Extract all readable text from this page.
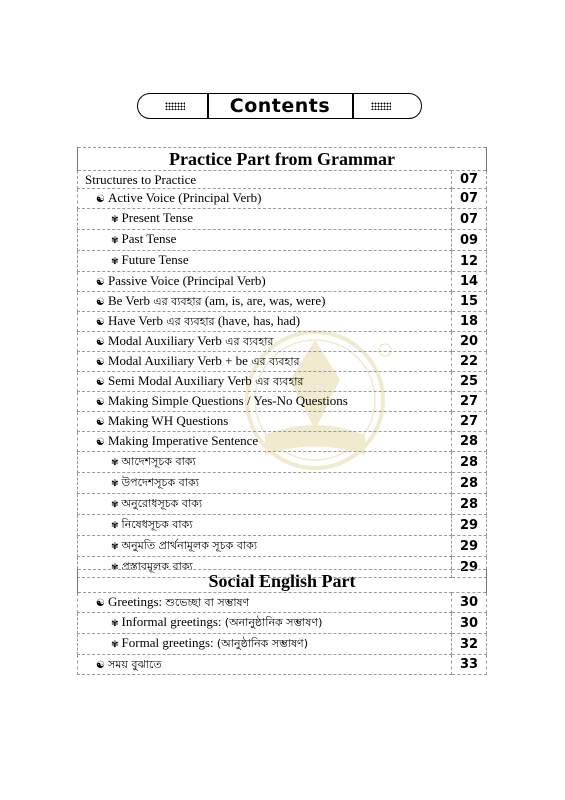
Contents
Practice Part from Grammar	
Structures to Practice	07
☯ Active Voice (Principal Verb)	07
✾ Present Tense	07
✾ Past Tense	09
✾ Future Tense	12
☯ Passive Voice (Principal Verb)	14
☯ Be Verb এর ব্যবহার (am, is, are, was, were)	15
☯ Have Verb এর ব্যবহার (have, has, had)	18
☯ Modal Auxiliary Verb এর ব্যবহার	20
☯ Modal Auxiliary Verb + be এর ব্যবহার	22
☯ Semi Modal Auxiliary Verb এর ব্যবহার	25
☯ Making Simple Questions / Yes-No Questions	27
☯ Making WH Questions	27
☯ Making Imperative Sentence	28
✾ আদেশসূচক বাক্য	28
✾ উপদেশসূচক বাক্য	28
✾ অনুরোধসূচক বাক্য	28
✾ নিষেধসূচক বাক্য	29
✾ অনুমতি প্রার্থনামূলক সূচক বাক্য	29
✾ প্রস্তাবমূলক বাক্য	29
Social English Part	
☯ Greetings: শুভেচ্ছা বা সম্ভাষণ	30
✾ Informal greetings: (অনানুষ্ঠানিক সম্ভাষণ)	30
✾ Formal greetings: (আনুষ্ঠানিক সম্ভাষণ)	32
☯ সময় বুঝাতে	33
